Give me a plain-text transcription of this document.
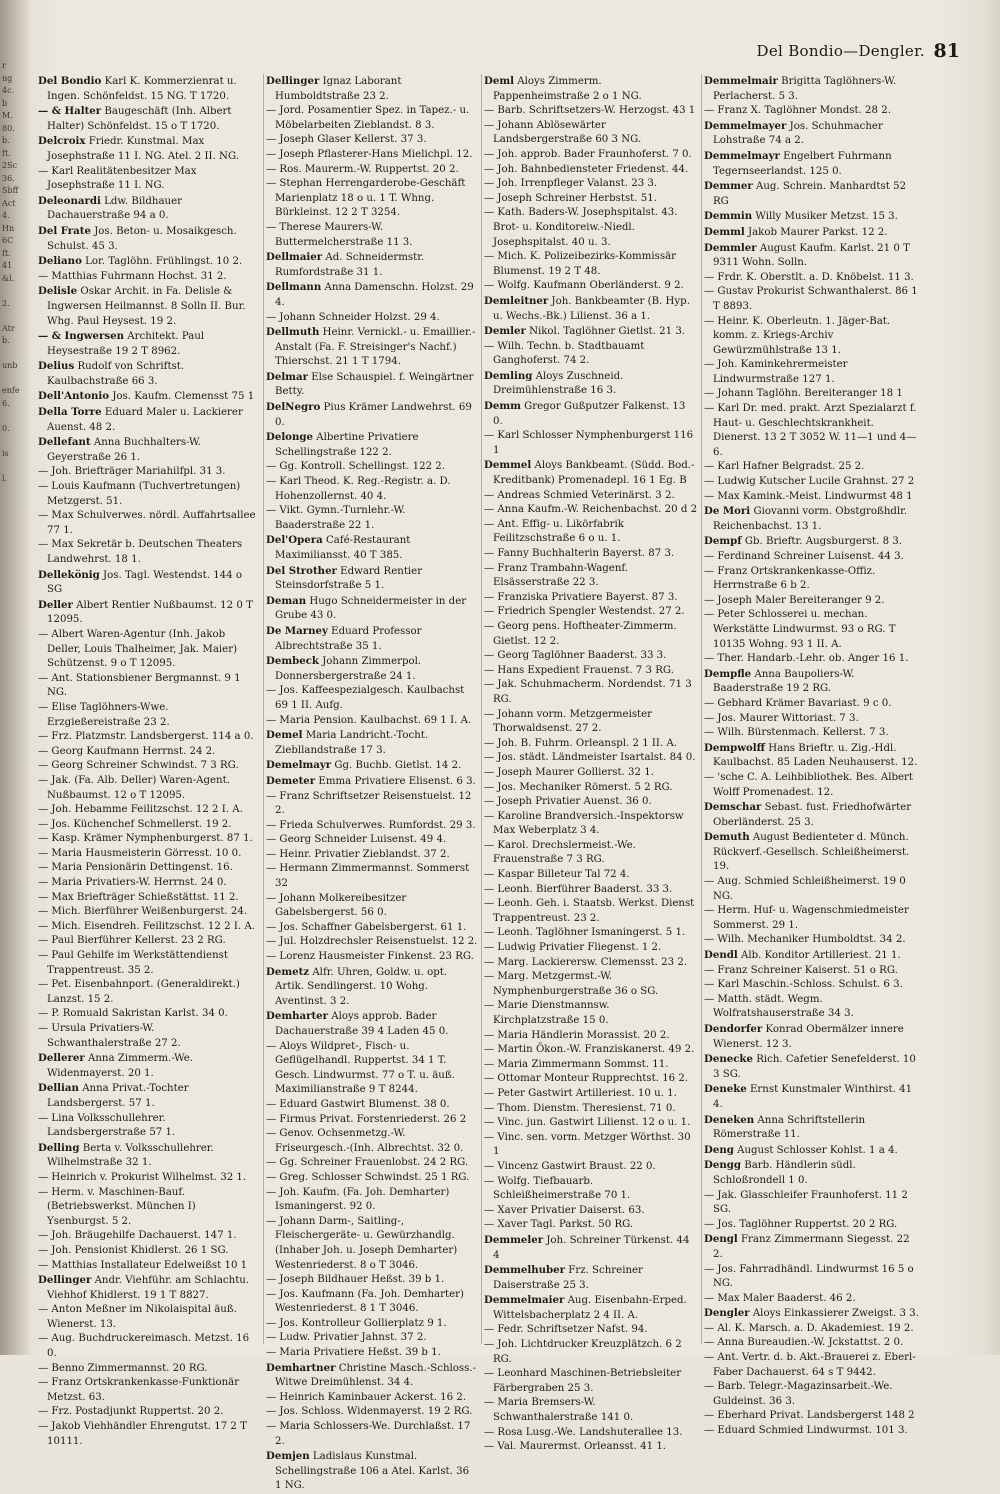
r
ng
4c.
b
M.
80.
b.
ft.
2Sc
36.
Sbff
Act
4.
Hn
6C
ft.
41
&l.

2.

Atr
b.

unb

enfe
6.

0.

is

l.

Del Bondio—Dengler. 81

Del Bondio Karl K. Kommerzienrat u. Ingen. Schönfeldst. 15 NG. T 1720.

— & Halter Baugeschäft (Inh. Albert Halter) Schönfeldst. 15 o T 1720.

Delcroix Friedr. Kunstmal. Max Josephstraße 11 I. NG. Atel. 2 II. NG.

— Karl Realitätenbesitzer Max Josephstraße 11 I. NG.

Deleonardi Ldw. Bildhauer Dachauerstraße 94 a 0.

Del Frate Jos. Beton- u. Mosaikgesch. Schulst. 45 3.

Deliano Lor. Taglöhn. Frühlingst. 10 2.

— Matthias Fuhrmann Hochst. 31 2.

Delisle Oskar Archit. in Fa. Delisle & Ingwersen Heilmannst. 8 Solln II. Bur. Whg. Paul Heysest. 19 2.

— & Ingwersen Architekt. Paul Heysestraße 19 2 T 8962.

Delius Rudolf von Schriftst. Kaulbachstraße 66 3.

Dell'Antonio Jos. Kaufm. Clemensst 75 1

Della Torre Eduard Maler u. Lackierer Auenst. 48 2.

Dellefant Anna Buchhalters-W. Geyerstraße 26 1.

— Joh. Briefträger Mariahilfpl. 31 3.

— Louis Kaufmann (Tuchvertretungen) Metzgerst. 51.

— Max Schulverwes. nördl. Auffahrtsallee 77 1.

— Max Sekretär b. Deutschen Theaters Landwehrst. 18 1.

Dellekönig Jos. Tagl. Westendst. 144 o SG

Deller Albert Rentier Nußbaumst. 12 0 T 12095.

— Albert Waren-Agentur (Inh. Jakob Deller, Louis Thalheimer, Jak. Maier) Schützenst. 9 o T 12095.

— Ant. Stationsbiener Bergmannst. 9 1 NG.

— Elise Taglöhners-Wwe. Erzgießereistraße 23 2.

— Frz. Platzmstr. Landsbergerst. 114 a 0.

— Georg Kaufmann Herrnst. 24 2.

— Georg Schreiner Schwindst. 7 3 RG.

— Jak. (Fa. Alb. Deller) Waren-Agent. Nußbaumst. 12 o T 12095.

— Joh. Hebamme Feilitzschst. 12 2 I. A.

— Jos. Küchenchef Schmellerst. 19 2.

— Kasp. Krämer Nymphenburgerst. 87 1.

— Maria Hausmeisterin Görresst. 10 0.

— Maria Pensionärin Dettingenst. 16.

— Maria Privatiers-W. Herrnst. 24 0.

— Max Briefträger Schießstättst. 11 2.

— Mich. Bierführer Weißenburgerst. 24.

— Mich. Eisendreh. Feilitzschst. 12 2 I. A.

— Paul Bierführer Kellerst. 23 2 RG.

— Paul Gehilfe im Werkstättendienst Trappentreust. 35 2.

— Pet. Eisenbahnport. (Generaldirekt.) Lanzst. 15 2.

— P. Romuald Sakristan Karlst. 34 0.

— Ursula Privatiers-W. Schwanthalerstraße 27 2.

Dellerer Anna Zimmerm.-We. Widenmayerst. 20 1.

Dellian Anna Privat.-Tochter Landsbergerst. 57 1.

— Lina Volksschullehrer. Landsbergerstraße 57 1.

Delling Berta v. Volksschullehrer. Wilhelmstraße 32 1.

— Heinrich v. Prokurist Wilhelmst. 32 1.

— Herm. v. Maschinen-Bauf. (Betriebswerkst. München I) Ysenburgst. 5 2.

— Joh. Bräugehilfe Dachauerst. 147 1.

— Joh. Pensionist Khidlerst. 26 1 SG.

— Matthias Installateur Edelweißst 10 1

Dellinger Andr. Viehführ. am Schlachtu. Viehhof Khidlerst. 19 1 T 8827.

— Anton Meßner im Nikolaispital äuß. Wienerst. 13.

— Aug. Buchdruckereimasch. Metzst. 16 0.

— Benno Zimmermannst. 20 RG.

— Franz Ortskrankenkasse-Funktionär Metzst. 63.

— Frz. Postadjunkt Ruppertst. 20 2.

— Jakob Viehhändler Ehrengutst. 17 2 T 10111.

Dellinger Ignaz Laborant Humboldtstraße 23 2.

— Jord. Posamentier Spez. in Tapez.- u. Möbelarbeiten Zieblandst. 8 3.

— Joseph Glaser Kellerst. 37 3.

— Joseph Pflasterer-Hans Mielichpl. 12.

— Ros. Maurerm.-W. Ruppertst. 20 2.

— Stephan Herrengarderobe-Geschäft Marienplatz 18 o u. 1 T. Whng. Bürkleinst. 12 2 T 3254.

— Therese Maurers-W. Buttermelcherstraße 11 3.

Dellmaier Ad. Schneidermstr. Rumfordstraße 31 1.

Dellmann Anna Damenschn. Holzst. 29 4.

— Johann Schneider Holzst. 29 4.

Dellmuth Heinr. Vernickl.- u. Emaillier.-Anstalt (Fa. F. Streisinger's Nachf.) Thierschst. 21 1 T 1794.

Delmar Else Schauspiel. f. Weingärtner Betty.

DelNegro Pius Krämer Landwehrst. 69 0.

Delonge Albertine Privatiere Schellingstraße 122 2.

— Gg. Kontroll. Schellingst. 122 2.

— Karl Theod. K. Reg.-Registr. a. D. Hohenzollernst. 40 4.

— Vikt. Gymn.-Turnlehr.-W. Baaderstraße 22 1.

Del'Opera Café-Restaurant Maximiliansst. 40 T 385.

Del Strother Edward Rentier Steinsdorfstraße 5 1.

Deman Hugo Schneidermeister in der Grube 43 0.

De Marney Eduard Professor Albrechtstraße 35 1.

Dembeck Johann Zimmerpol. Donnersbergerstraße 24 1.

— Jos. Kaffeespezialgesch. Kaulbachst 69 1 II. Aufg.

— Maria Pension. Kaulbachst. 69 1 I. A.

Demel Maria Landricht.-Tocht. Ziebllandstraße 17 3.

Demelmayr Gg. Buchb. Gietlst. 14 2.

Demeter Emma Privatiere Elisenst. 6 3.

— Franz Schriftsetzer Reisenstuelst. 12 2.

— Frieda Schulverwes. Rumfordst. 29 3.

— Georg Schneider Luisenst. 49 4.

— Heinr. Privatier Zieblandst. 37 2.

— Hermann Zimmermannst. Sommerst 32

— Johann Molkereibesitzer Gabelsbergerst. 56 0.

— Jos. Schaffner Gabelsbergerst. 61 1.

— Jul. Holzdrechsler Reisenstuelst. 12 2.

— Lorenz Hausmeister Finkenst. 23 RG.

Demetz Alfr. Uhren, Goldw. u. opt. Artik. Sendlingerst. 10 Wohg. Aventinst. 3 2.

Demharter Aloys approb. Bader Dachauerstraße 39 4 Laden 45 0.

— Aloys Wildpret-, Fisch- u. Geflügelhandl. Ruppertst. 34 1 T. Gesch. Lindwurmst. 77 o T. u. äuß. Maximilianstraße 9 T 8244.

— Eduard Gastwirt Blumenst. 38 0.

— Firmus Privat. Forstenriederst. 26 2

— Genov. Ochsenmetzg.-W. Friseurgesch.-(Inh. Albrechtst. 32 0.

— Gg. Schreiner Frauenlobst. 24 2 RG.

— Greg. Schlosser Schwindst. 25 1 RG.

— Joh. Kaufm. (Fa. Joh. Demharter) Ismaningerst. 92 0.

— Johann Darm-, Saitling-, Fleischergeräte- u. Gewürzhandlg. (Inhaber Joh. u. Joseph Demharter) Westenriederst. 8 o T 3046.

— Joseph Bildhauer Heßst. 39 b 1.

— Jos. Kaufmann (Fa. Joh. Demharter) Westenriederst. 8 1 T 3046.

— Jos. Kontrolleur Gollierplatz 9 1.

— Ludw. Privatier Jahnst. 37 2.

— Maria Privatiere Heßst. 39 b 1.

Demhartner Christine Masch.-Schloss.-Witwe Dreimühlenst. 34 4.

— Heinrich Kaminbauer Ackerst. 16 2.

— Jos. Schloss. Widenmayerst. 19 2 RG.

— Maria Schlossers-We. Durchlaßst. 17 2.

Demjen Ladislaus Kunstmal. Schellingstraße 106 a Atel. Karlst. 36 1 NG.

Deml Aloys Zimmerm. Pappenheimstraße 2 o 1 NG.

— Barb. Schriftsetzers-W. Herzogst. 43 1

— Johann Ablösewärter Landsbergerstraße 60 3 NG.

— Joh. approb. Bader Fraunhoferst. 7 0.

— Joh. Bahnbediensteter Friedenst. 44.

— Joh. Irrenpfleger Valanst. 23 3.

— Joseph Schreiner Herbstst. 51.

— Kath. Baders-W. Josephspitalst. 43. Brot- u. Konditoreiw.-Niedl. Josephspitalst. 40 u. 3.

— Mich. K. Polizeibezirks-Kommissär Blumenst. 19 2 T 48.

— Wolfg. Kaufmann Oberländerst. 9 2.

Demleitner Joh. Bankbeamter (B. Hyp. u. Wechs.-Bk.) Lilienst. 36 a 1.

Demler Nikol. Taglöhner Gietlst. 21 3.

— Wilh. Techn. b. Stadtbauamt Ganghoferst. 74 2.

Demling Aloys Zuschneid. Dreimühlenstraße 16 3.

Demm Gregor Gußputzer Falkenst. 13 0.

— Karl Schlosser Nymphenburgerst 116 1

Demmel Aloys Bankbeamt. (Südd. Bod.-Kreditbank) Promenadepl. 16 1 Eg. B

— Andreas Schmied Veterinärst. 3 2.

— Anna Kaufm.-W. Reichenbachst. 20 d 2

— Ant. Effig- u. Likörfabrik Feilitzschstraße 6 o u. 1.

— Fanny Buchhalterin Bayerst. 87 3.

— Franz Trambahn-Wagenf. Elsässerstraße 22 3.

— Franziska Privatiere Bayerst. 87 3.

— Friedrich Spengler Westendst. 27 2.

— Georg pens. Hoftheater-Zimmerm. Gietlst. 12 2.

— Georg Taglöhner Baaderst. 33 3.

— Hans Expedient Frauenst. 7 3 RG.

— Jak. Schuhmacherm. Nordendst. 71 3 RG.

— Johann vorm. Metzgermeister Thorwaldsenst. 27 2.

— Joh. B. Fuhrm. Orleanspl. 2 1 II. A.

— Jos. städt. Ländmeister Isartalst. 84 0.

— Joseph Maurer Gollierst. 32 1.

— Jos. Mechaniker Römerst. 5 2 RG.

— Joseph Privatier Auenst. 36 0.

— Karoline Brandversich.-Inspektorsw Max Weberplatz 3 4.

— Karol. Drechslermeist.-We. Frauenstraße 7 3 RG.

— Kaspar Billeteur Tal 72 4.

— Leonh. Bierführer Baaderst. 33 3.

— Leonh. Geh. i. Staatsb. Werkst. Dienst Trappentreust. 23 2.

— Leonh. Taglöhner Ismaningerst. 5 1.

— Ludwig Privatier Fliegenst. 1 2.

— Marg. Lackierersw. Clemensst. 23 2.

— Marg. Metzgermst.-W. Nymphenburgerstraße 36 o SG.

— Marie Dienstmannsw. Kirchplatzstraße 15 0.

— Maria Händlerin Morassist. 20 2.

— Martin Ökon.-W. Franziskanerst. 49 2.

— Maria Zimmermann Sommst. 11.

— Ottomar Monteur Rupprechtst. 16 2.

— Peter Gastwirt Artilleriest. 10 u. 1.

— Thom. Dienstm. Theresienst. 71 0.

— Vinc. jun. Gastwirt Lilienst. 12 o u. 1.

— Vinc. sen. vorm. Metzger Wörthst. 30 1

— Vincenz Gastwirt Braust. 22 0.

— Wolfg. Tiefbauarb. Schleißheimerstraße 70 1.

— Xaver Privatier Daiserst. 63.

— Xaver Tagl. Parkst. 50 RG.

Demmeler Joh. Schreiner Türkenst. 44 4

Demmelhuber Frz. Schreiner Daiserstraße 25 3.

Demmelmaier Aug. Eisenbahn-Erped. Wittelsbacherplatz 2 4 II. A.

— Fedr. Schriftsetzer Nafst. 94.

— Joh. Lichtdrucker Kreuzplätzch. 6 2 RG.

— Leonhard Maschinen-Betriebsleiter Färbergraben 25 3.

— Maria Bremsers-W. Schwanthalerstraße 141 0.

— Rosa Lusg.-We. Landshuterallee 13.

— Val. Maurermst. Orleansst. 41 1.

Demmelmair Brigitta Taglöhners-W. Perlacherst. 5 3.

— Franz X. Taglöhner Mondst. 28 2.

Demmelmayer Jos. Schuhmacher Lohstraße 74 a 2.

Demmelmayr Engelbert Fuhrmann Tegernseerlandst. 125 0.

Demmer Aug. Schrein. Manhardtst 52 RG

Demmin Willy Musiker Metzst. 15 3.

Demml Jakob Maurer Parkst. 12 2.

Demmler August Kaufm. Karlst. 21 0 T 9311 Wohn. Solln.

— Frdr. K. Oberstlt. a. D. Knöbelst. 11 3.

— Gustav Prokurist Schwanthalerst. 86 1 T 8893.

— Heinr. K. Oberleutn. 1. Jäger-Bat. komm. z. Kriegs-Archiv Gewürzmühlstraße 13 1.

— Joh. Kaminkehrermeister Lindwurmstraße 127 1.

— Johann Taglöhn. Bereiteranger 18 1

— Karl Dr. med. prakt. Arzt Spezialarzt f. Haut- u. Geschlechtskrankheit. Dienerst. 13 2 T 3052 W. 11—1 und 4—6.

— Karl Hafner Belgradst. 25 2.

— Ludwig Kutscher Lucile Grahnst. 27 2

— Max Kamink.-Meist. Lindwurmst 48 1

De Mori Giovanni vorm. Obstgroßhdlr. Reichenbachst. 13 1.

Dempf Gb. Brieftr. Augsburgerst. 8 3.

— Ferdinand Schreiner Luisenst. 44 3.

— Franz Ortskrankenkasse-Offiz. Herrnstraße 6 b 2.

— Joseph Maler Bereiteranger 9 2.

— Peter Schlosserei u. mechan. Werkstätte Lindwurmst. 93 o RG. T 10135 Wohng. 93 1 II. A.

— Ther. Handarb.-Lehr. ob. Anger 16 1.

Dempfle Anna Baupoliers-W. Baaderstraße 19 2 RG.

— Gebhard Krämer Bavariast. 9 c 0.

— Jos. Maurer Wittoriast. 7 3.

— Wilh. Bürstenmach. Kellerst. 7 3.

Dempwolff Hans Brieftr. u. Zig.-Hdl. Kaulbachst. 85 Laden Neuhauserst. 12.

— 'sche C. A. Leihbibliothek. Bes. Albert Wolff Promenadest. 12.

Demschar Sebast. fust. Friedhofwärter Oberländerst. 25 3.

Demuth August Bedienteter d. Münch. Rückverf.-Gesellsch. Schleißheimerst. 19.

— Aug. Schmied Schleißheimerst. 19 0 NG.

— Herm. Huf- u. Wagenschmiedmeister Sommerst. 29 1.

— Wilh. Mechaniker Humboldtst. 34 2.

Dendl Alb. Konditor Artilleriest. 21 1.

— Franz Schreiner Kaiserst. 51 o RG.

— Karl Maschin.-Schloss. Schulst. 6 3.

— Matth. städt. Wegm. Wolfratshauserstraße 34 3.

Dendorfer Konrad Obermälzer innere Wienerst. 12 3.

Denecke Rich. Cafetier Senefelderst. 10 3 SG.

Deneke Ernst Kunstmaler Winthirst. 41 4.

Deneken Anna Schriftstellerin Römerstraße 11.

Deng August Schlosser Kohlst. 1 a 4.

Dengg Barb. Händlerin südl. Schloßrondell 1 0.

— Jak. Glasschleifer Fraunhoferst. 11 2 SG.

— Jos. Taglöhner Ruppertst. 20 2 RG.

Dengl Franz Zimmermann Siegesst. 22 2.

— Jos. Fahrradhändl. Lindwurmst 16 5 o NG.

— Max Maler Baaderst. 46 2.

Dengler Aloys Einkassierer Zweigst. 3 3.

— Al. K. Marsch. a. D. Akademiest. 19 2.

— Anna Bureaudien.-W. Jckstattst. 2 0.

— Ant. Vertr. d. b. Akt.-Brauerei z. Eberl-Faber Dachauerst. 64 s T 9442.

— Barb. Telegr.-Magazinsarbeit.-We. Guldeinst. 36 3.

— Eberhard Privat. Landsbergerst 148 2

— Eduard Schmied Lindwurmst. 101 3.
